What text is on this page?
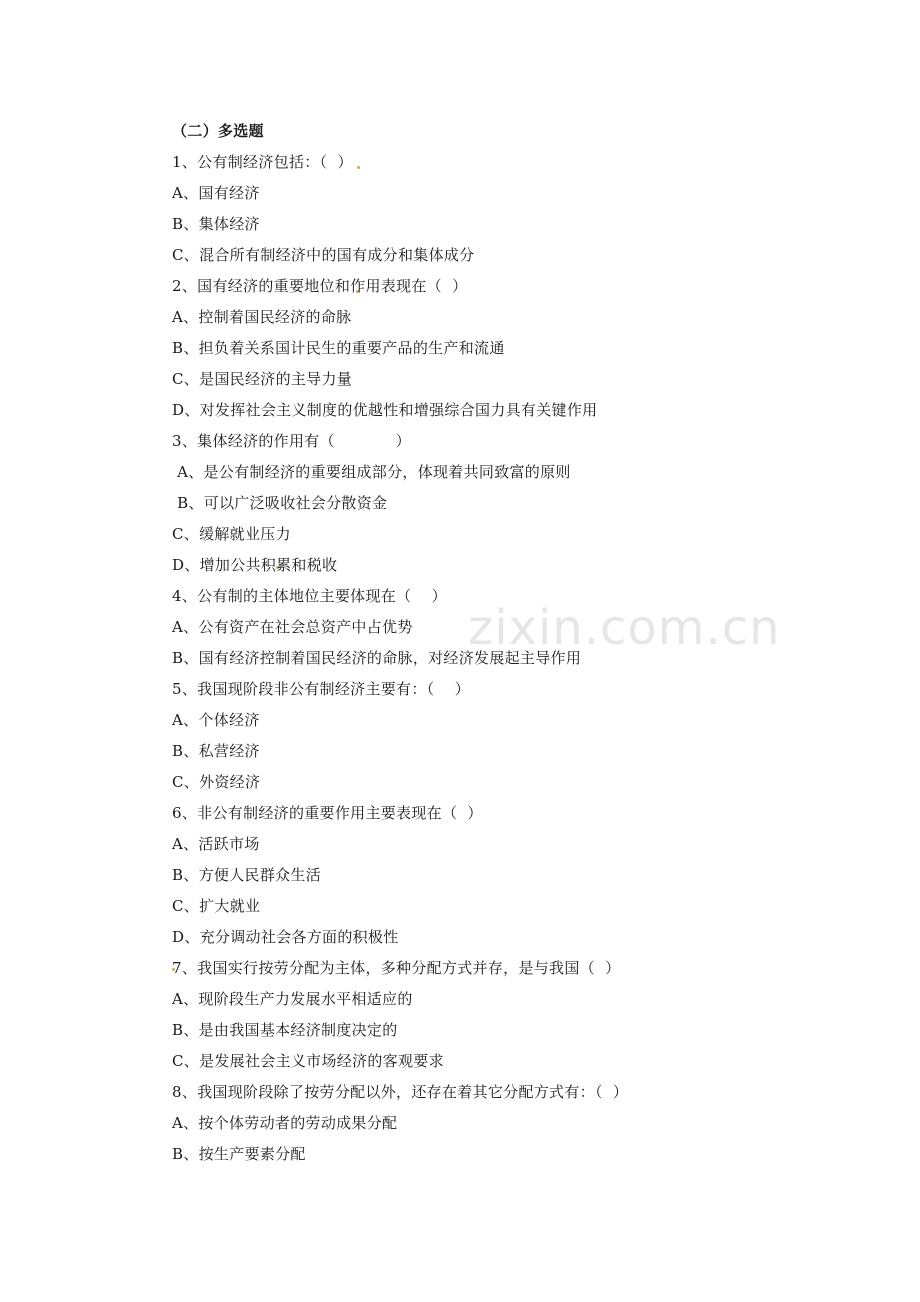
zixin.com.cn
（二）多选题
1、公有制经济包括：（  ）
A、国有经济
B、集体经济
C、混合所有制经济中的国有成分和集体成分
2、国有经济的重要地位和作用表现在（  ）
A、控制着国民经济的命脉
B、担负着关系国计民生的重要产品的生产和流通
C、是国民经济的主导力量
D、对发挥社会主义制度的优越性和增强综合国力具有关键作用
3、集体经济的作用有（            ）
A、是公有制经济的重要组成部分，体现着共同致富的原则
B、可以广泛吸收社会分散资金
C、缓解就业压力
D、增加公共积累和税收
4、公有制的主体地位主要体现在（    ）
A、公有资产在社会总资产中占优势
B、国有经济控制着国民经济的命脉，对经济发展起主导作用
5、我国现阶段非公有制经济主要有：（    ）
A、个体经济
B、私营经济
C、外资经济
6、非公有制经济的重要作用主要表现在（  ）
A、活跃市场
B、方便人民群众生活
C、扩大就业
D、充分调动社会各方面的积极性
7、我国实行按劳分配为主体，多种分配方式并存，是与我国（  ）
A、现阶段生产力发展水平相适应的
B、是由我国基本经济制度决定的
C、是发展社会主义市场经济的客观要求
8、我国现阶段除了按劳分配以外，还存在着其它分配方式有：（  ）
A、按个体劳动者的劳动成果分配
B、按生产要素分配
